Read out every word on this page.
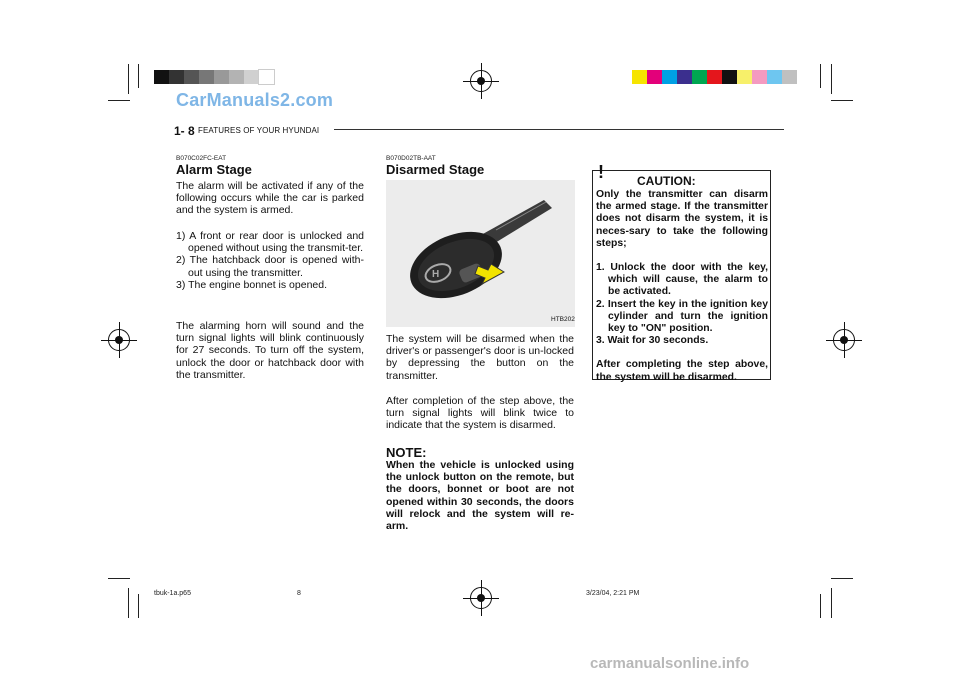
CarManuals2.com
1- 8 FEATURES OF YOUR HYUNDAI
B070C02FC-EAT
Alarm Stage
The alarm will be activated if any of the following occurs while the car is parked and the system is armed.
1) A front or rear door is unlocked and opened without using the transmit-ter.
2) The hatchback door is opened with-out using the transmitter.
3) The engine bonnet is opened.
The alarming horn will sound and the turn signal lights will blink continuously for 27 seconds. To turn off the system, unlock the door or hatchback door with the transmitter.
B070D02TB-AAT
Disarmed Stage
H
HTB202
The system will be disarmed when the driver's or passenger's door is un-locked by depressing the button on the transmitter.
After completion of the step above, the turn signal lights will blink twice to indicate that the system is disarmed.
NOTE:
When the vehicle is unlocked using the unlock button on the remote, but the doors, bonnet or boot are not opened within 30 seconds, the doors will relock and the system will re-arm.
!	CAUTION:
Only the transmitter can disarm the armed stage. If the transmitter does not disarm the system, it is neces-sary to take the following steps;
1. Unlock the door with the key, which will cause, the alarm to be activated.
2. Insert the key in the ignition key cylinder and turn the ignition key to "ON" position.
3. Wait for 30 seconds.
After completing the step above, the system will be disarmed.
tbuk-1a.p65	8	3/23/04, 2:21 PM
carmanualsonline.info
